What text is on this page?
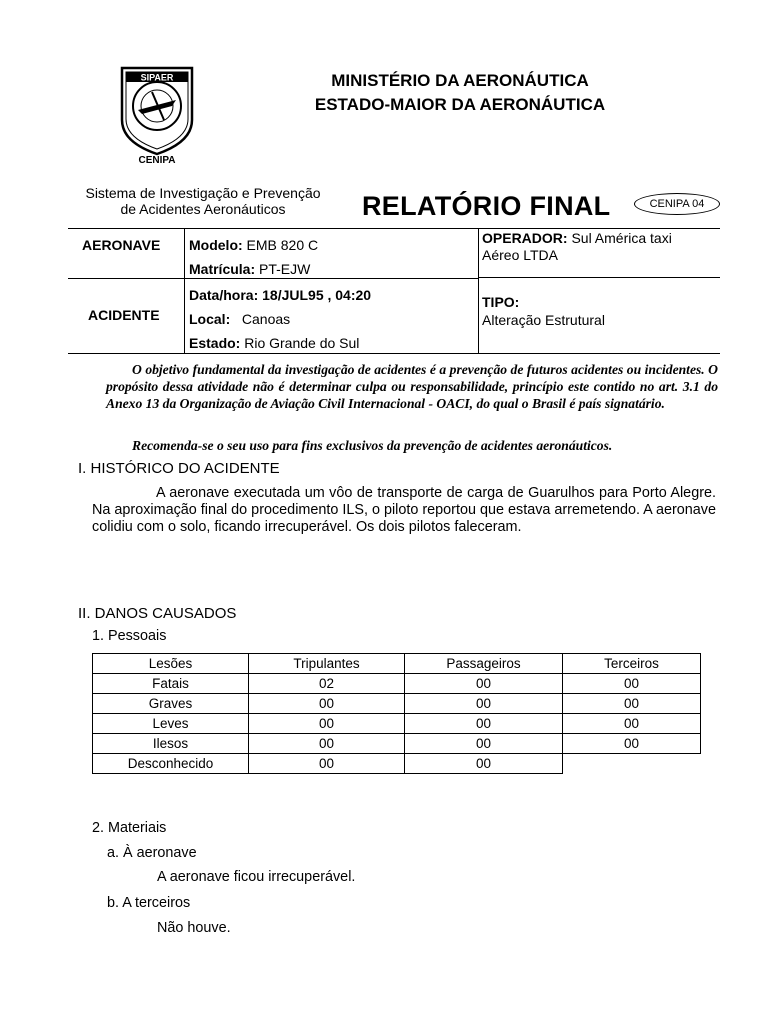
SIPAER
CENIPA
MINISTÉRIO DA AERONÁUTICA
ESTADO-MAIOR DA AERONÁUTICA
Sistema de Investigação e Prevenção
de Acidentes Aeronáuticos	RELATÓRIO FINAL	CENIPA 04
AERONAVE Modelo: EMB 820 C
Matrícula: PT-EJW
OPERADOR: Sul América taxi
Aéreo LTDA
ACIDENTE
Data/hora: 18/JUL95 , 04:20
Local: Canoas
Estado: Rio Grande do Sul
TIPO:
Alteração Estrutural
O objetivo fundamental da investigação de acidentes é a prevenção de futuros acidentes ou incidentes. O propósito dessa atividade não é determinar culpa ou responsabilidade, princípio este contido no art. 3.1 do Anexo 13 da Organização de Aviação Civil Internacional - OACI, do qual o Brasil é país signatário.
Recomenda-se o seu uso para fins exclusivos da prevenção de acidentes aeronáuticos.
I. HISTÓRICO DO ACIDENTE
A aeronave executada um vôo de transporte de carga de Guarulhos para Porto Alegre. Na aproximação final do procedimento ILS, o piloto reportou que estava arremetendo. A aeronave colidiu com o solo, ficando irrecuperável. Os dois pilotos faleceram.
II. DANOS CAUSADOS
1. Pessoais
Lesões	Tripulantes	Passageiros	Terceiros
Fatais	02	00	00
Graves	00	00	00
Leves	00	00	00
Ilesos	00	00	00
Desconhecido	00	00	
2. Materiais
a. À aeronave
A aeronave ficou irrecuperável.
b. A terceiros
Não houve.
